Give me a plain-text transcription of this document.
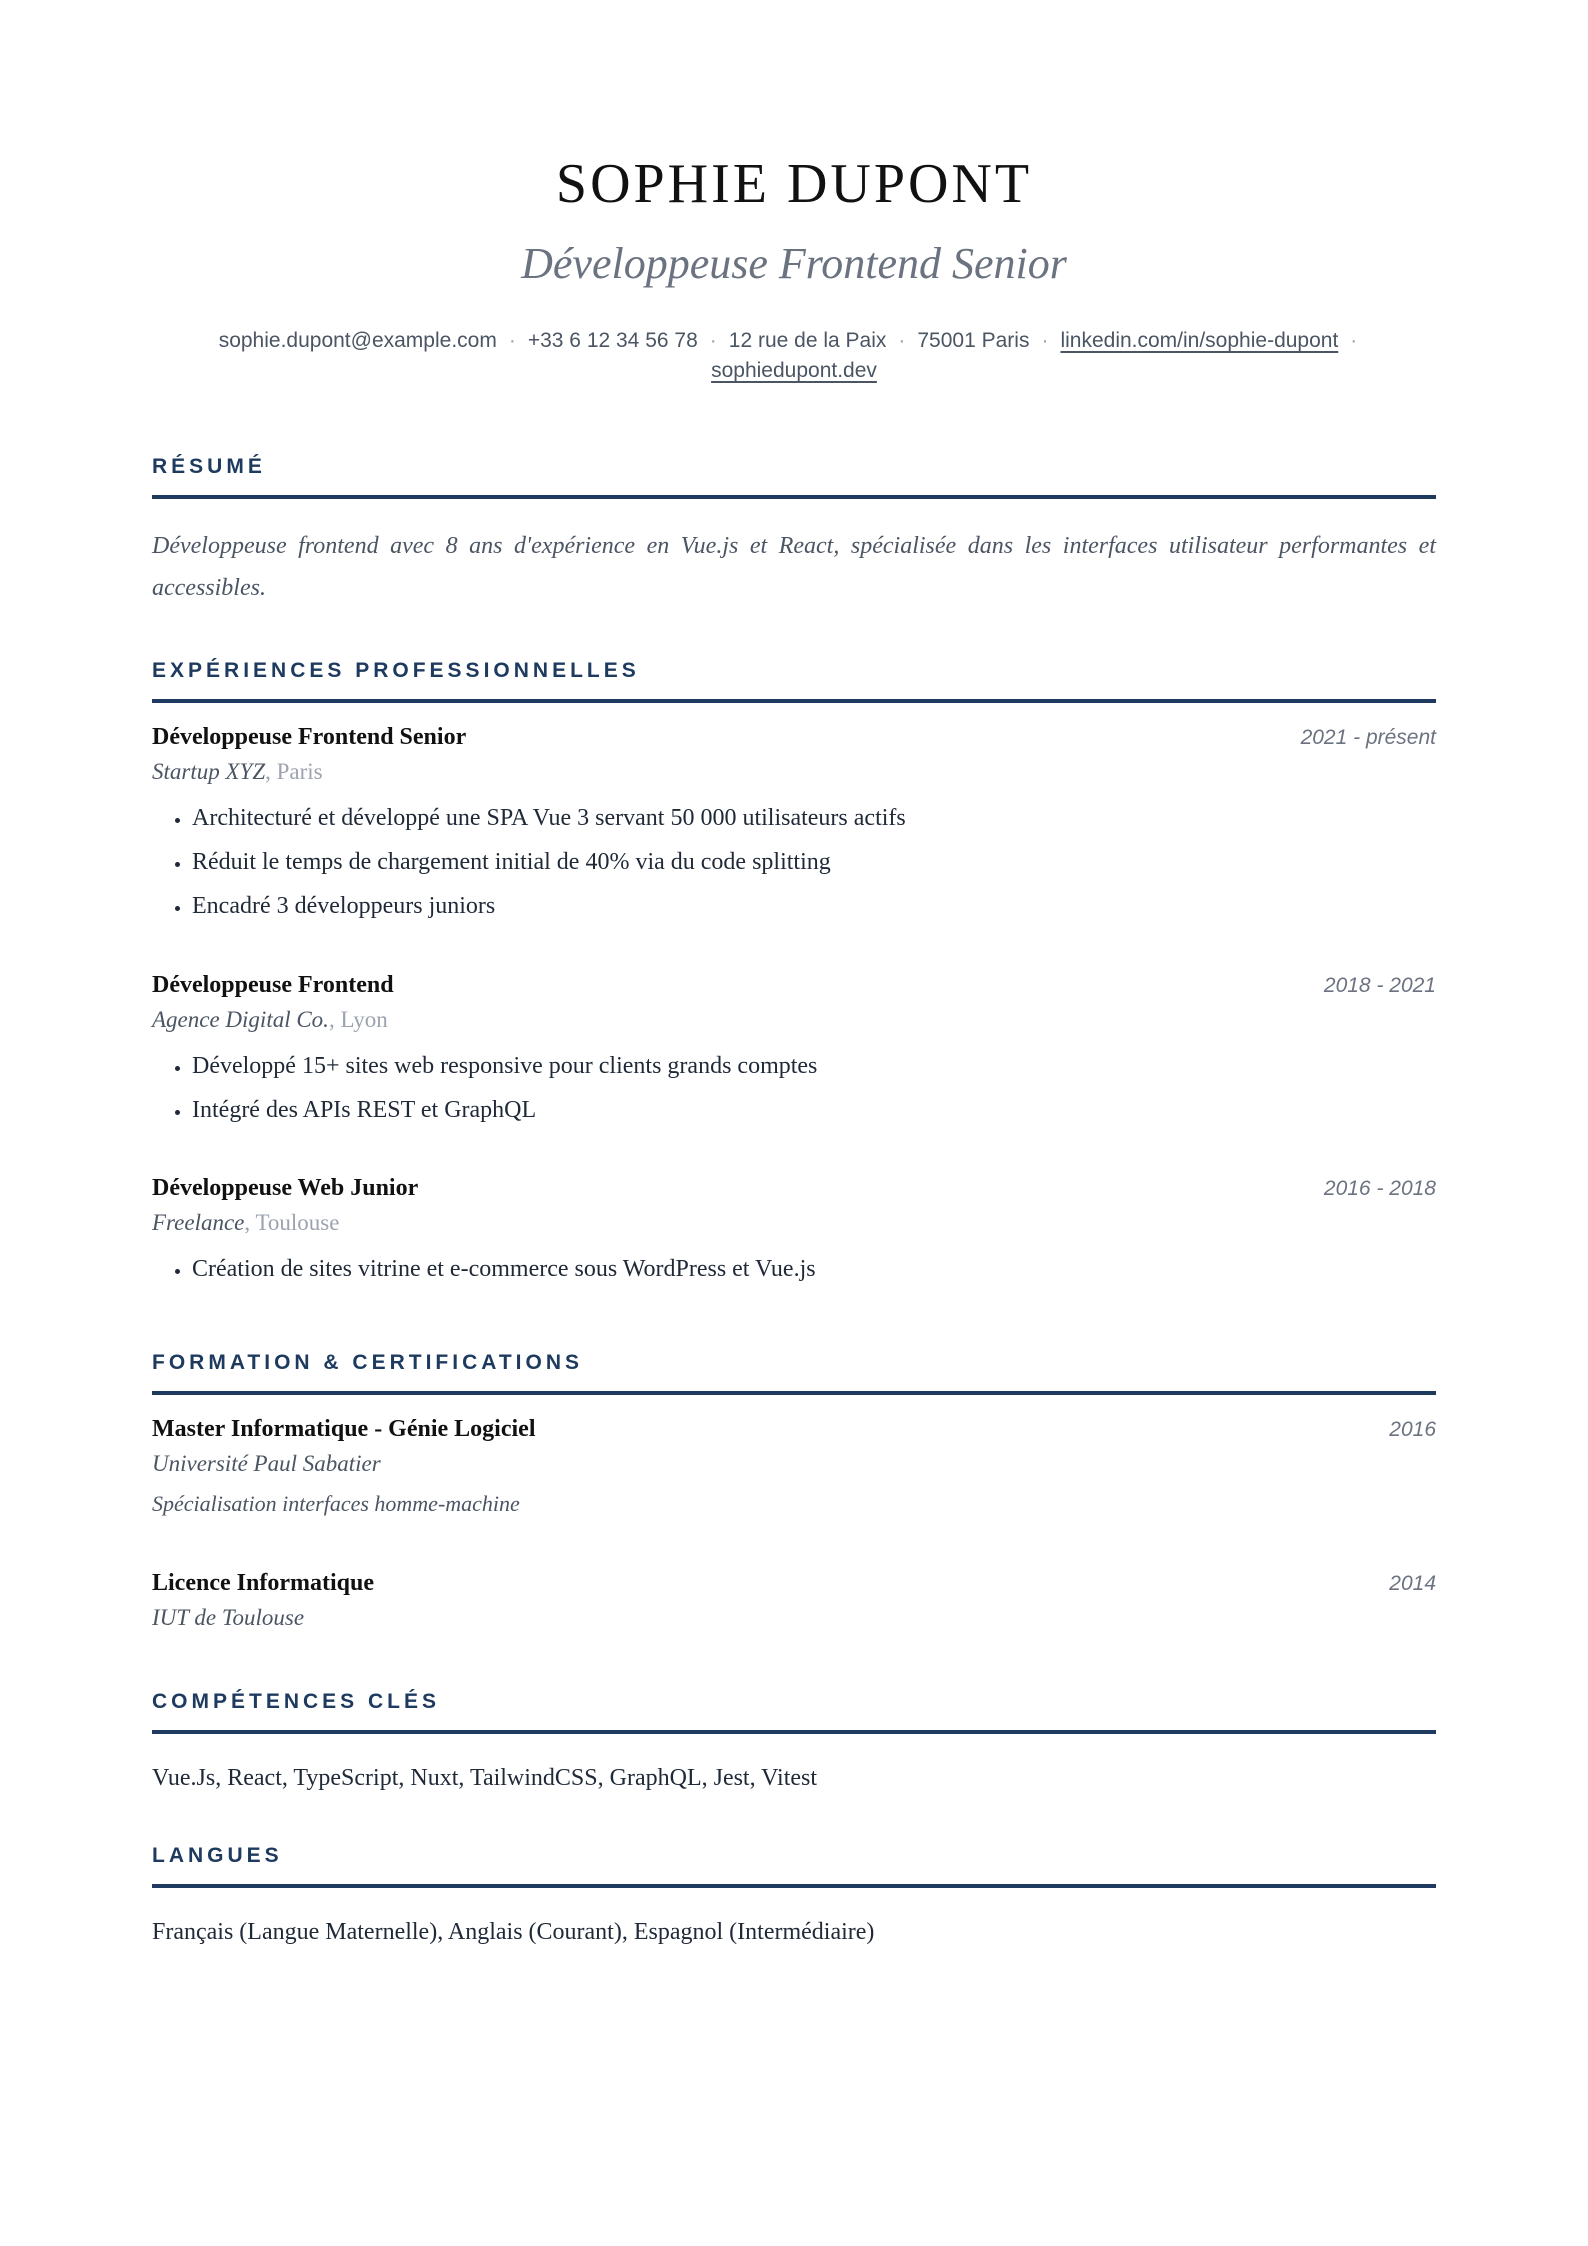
SOPHIE DUPONT
Développeuse Frontend Senior
sophie.dupont@example.com · +33 6 12 34 56 78 · 12 rue de la Paix · 75001 Paris · linkedin.com/in/sophie-dupont ·
sophiedupont.dev
RÉSUMÉ

Développeuse frontend avec 8 ans d'expérience en Vue.js et React, spécialisée dans les interfaces utilisateur performantes et accessibles.

EXPÉRIENCES PROFESSIONNELLES
Développeuse Frontend Senior	2021 - présent
Startup XYZ, Paris
• Architecturé et développé une SPA Vue 3 servant 50 000 utilisateurs actifs
• Réduit le temps de chargement initial de 40% via du code splitting
• Encadré 3 développeurs juniors
Développeuse Frontend	2018 - 2021
Agence Digital Co., Lyon
• Développé 15+ sites web responsive pour clients grands comptes
• Intégré des APIs REST et GraphQL
Développeuse Web Junior	2016 - 2018
Freelance, Toulouse
• Création de sites vitrine et e-commerce sous WordPress et Vue.js
FORMATION & CERTIFICATIONS
Master Informatique - Génie Logiciel	2016
Université Paul Sabatier
Spécialisation interfaces homme-machine
Licence Informatique	2014
IUT de Toulouse
COMPÉTENCES CLÉS

Vue.Js, React, TypeScript, Nuxt, TailwindCSS, GraphQL, Jest, Vitest

LANGUES

Français (Langue Maternelle), Anglais (Courant), Espagnol (Intermédiaire)
